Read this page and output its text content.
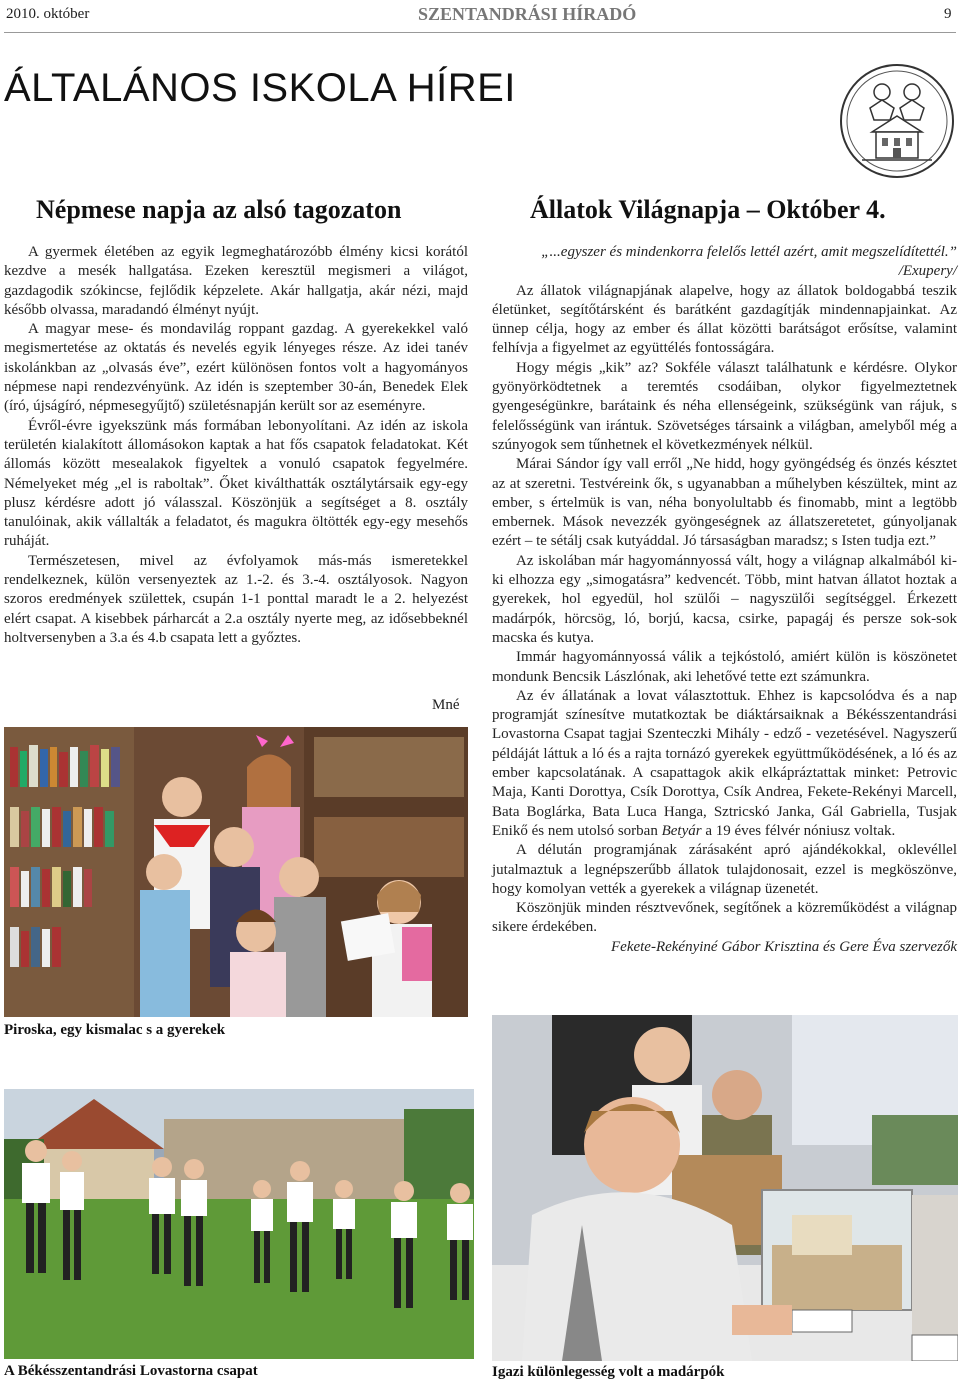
2010. október	SZENTANDRÁSI HÍRADÓ	9
ÁLTALÁNOS ISKOLA HÍREI
Népmese napja az alsó tagozaton	Állatok Világnapja – Október 4.

A gyermek életében az egyik legmeghatározóbb élmény kicsi korától kezdve a mesék hallgatása. Ezeken keresztül megismeri a világot, gazdagodik szókincse, fejlődik képzelete. Akár hallgatja, akár nézi, majd később olvassa, maradandó élményt nyújt.

A magyar mese- és mondavilág roppant gazdag. A gyerekekkel való megismertetése az oktatás és nevelés egyik lényeges része. Az idei tanév iskolánkban az „olvasás éve”, ezért különösen fontos volt a hagyományos népmese napi rendezvényünk. Az idén is szeptember 30-án, Benedek Elek (író, újságíró, népmesegyűjtő) születésnapján került sor az eseményre.

Évről-évre igyekszünk más formában lebonyolítani. Az idén az iskola területén kialakított állomásokon kaptak a hat fős csapatok feladatokat. Két állomás között mesealakok figyeltek a vonuló csapatok fegyelmére. Némelyeket még „el is raboltak”. Őket kiválthatták osztálytársaik egy-egy plusz kérdésre adott jó válasszal. Köszönjük a segítséget a 8. osztály tanulóinak, akik vállalták a feladatot, és magukra öltötték egy-egy mesehős ruháját.

Természetesen, mivel az évfolyamok más-más ismeretekkel rendelkeznek, külön versenyeztek az 1.-2. és 3.-4. osztályosok. Nagyon szoros eredmények születtek, csupán 1-1 ponttal maradt le a 2. helyezést elért csapat. A kisebbek párharcát a 2.a osztály nyerte meg, az idősebbeknél holtversenyben a 3.a és 4.b csapata lett a győztes.

Mné

„...egyszer és mindenkorra felelős lettél azért, amit megszelídítettél.”

/Exupery/

Az állatok világnapjának alapelve, hogy az állatok boldogabbá teszik életünket, segítőtársként és barátként gazdagítják mindennapjainkat. Az ünnep célja, hogy az ember és állat közötti barátságot erősítse, valamint felhívja a figyelmet az együttélés fontosságára.

Hogy mégis „kik” az? Sokféle választ találhatunk e kérdésre. Olykor gyönyörködtetnek a teremtés csodáiban, olykor figyelmeztetnek gyengeségünkre, barátaink és néha ellenségeink, szükségünk van rájuk, s felelősségünk van irántuk. Szövetséges társaink a világban, amelyből még a szúnyogok sem tűnhetnek el következmények nélkül.

Márai Sándor így vall erről „Ne hidd, hogy gyöngédség és önzés késztet az at szeretni. Testvéreink ők, s ugyanabban a műhelyben készültek, mint az ember, s értelmük is van, néha bonyolultabb és finomabb, mint a legtöbb embernek. Mások nevezzék gyöngeségnek az állatszeretetet, gúnyoljanak ezért – te sétálj csak kutyáddal. Jó társaságban maradsz; s Isten tudja ezt.”

Az iskolában már hagyománnyossá vált, hogy a világnap alkalmából ki-ki elhozza egy „simogatásra” kedvencét. Több, mint hatvan állatot hoztak a gyerekek, hol egyedül, hol szülői – nagyszülői segítséggel. Érkezett madárpók, hörcsög, ló, borjú, kacsa, csirke, papagáj és persze sok-sok macska és kutya.

Immár hagyománnyossá válik a tejkóstoló, amiért külön is köszönetet mondunk Bencsik Lászlónak, aki lehetővé tette ezt számunkra.

Az év állatának a lovat választottuk. Ehhez is kapcsolódva és a nap programját színesítve mutatkoztak be diáktársaiknak a Békésszentandrási Lovastorna Csapat tagjai Szenteczki Mihály - edző - vezetésével. Nagyszerű példáját láttuk a ló és a rajta tornázó gyerekek együttműködésének, a ló és az ember kapcsolatának. A csapattagok akik elkápráztattak minket: Petrovic Maja, Kanti Dorottya, Csík Dorottya, Csík Andrea, Fekete-Rekényi Marcell, Bata Boglárka, Bata Luca Hanga, Sztricskó Janka, Gál Gabriella, Tusjak Enikő és nem utolsó sorban Betyár a 19 éves félvér nóniusz voltak.

A délután programjának zárásaként apró ajándékokkal, oklevéllel jutalmaztuk a legnépszerűbb állatok tulajdonosait, ezzel is megköszönve, hogy komolyan vették a gyerekek a világnap üzenetét.

Köszönjük minden résztvevőnek, segítőnek a közreműködést a világnap sikere érdekében.

Fekete-Rekényiné Gábor Krisztina és Gere Éva szervezők

Piroska, egy kismalac s a gyerekek
A Békésszentandrási Lovastorna csapat	Igazi különlegesség volt a madárpók
